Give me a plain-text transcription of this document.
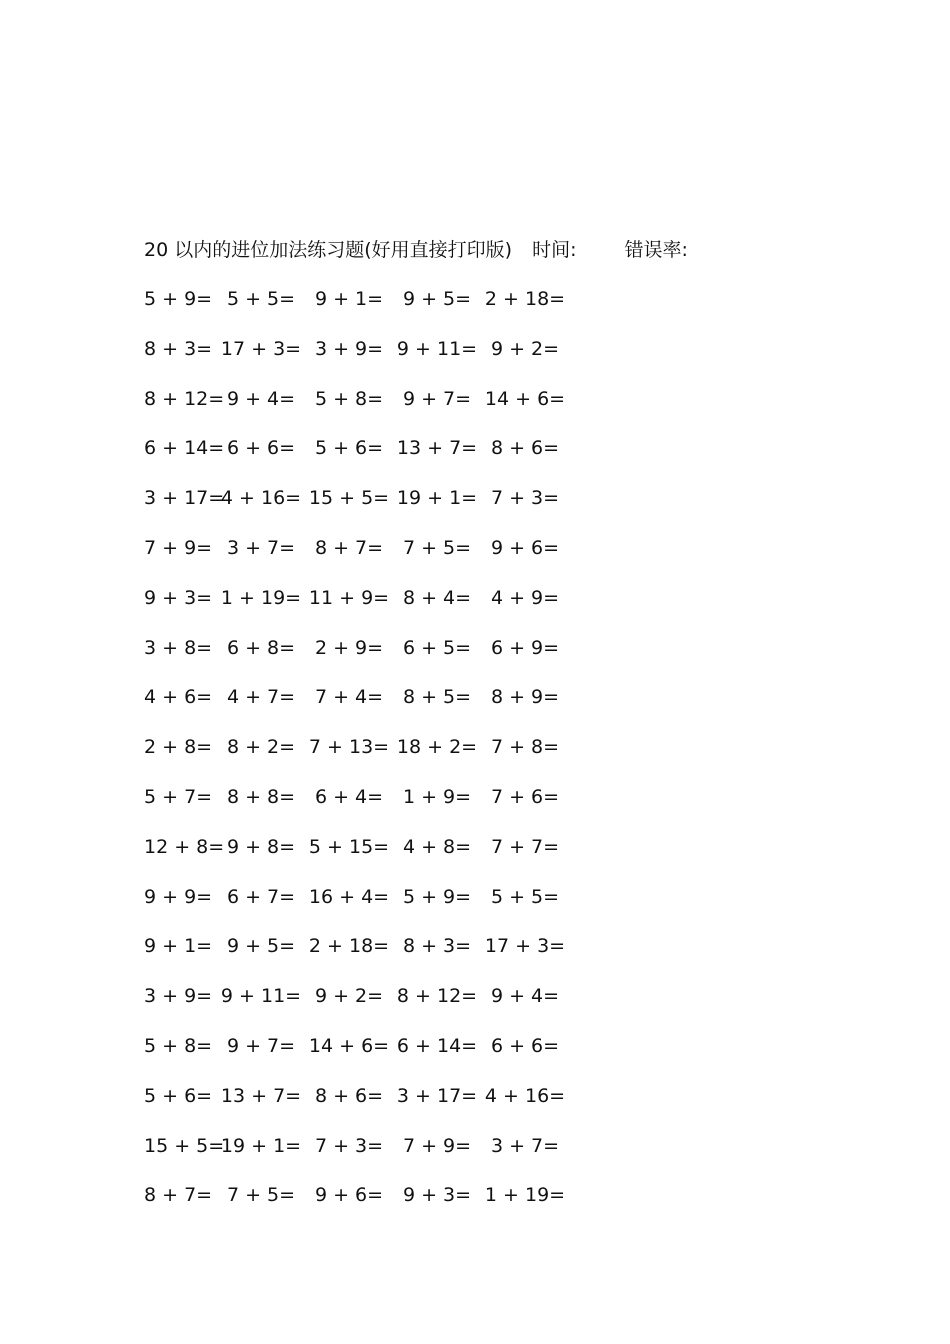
20 以内的进位加法练习题(好用直接打印版) 时间:	错误率:
5 + 9= 5 + 5= 9 + 1= 9 + 5= 2 + 18=
8 + 3= 17 + 3= 3 + 9= 9 + 11= 9 + 2=
8 + 12= 9 + 4= 5 + 8= 9 + 7= 14 + 6=
6 + 14= 6 + 6= 5 + 6= 13 + 7= 8 + 6=
3 + 17=
4 + 16= 15 + 5= 19 + 1= 7 + 3=
7 + 9= 3 + 7= 8 + 7= 7 + 5= 9 + 6=
9 + 3= 1 + 19= 11 + 9= 8 + 4= 4 + 9=
3 + 8= 6 + 8= 2 + 9= 6 + 5= 6 + 9=
4 + 6= 4 + 7= 7 + 4= 8 + 5= 8 + 9=
2 + 8= 8 + 2= 7 + 13= 18 + 2= 7 + 8=
5 + 7= 8 + 8= 6 + 4= 1 + 9= 7 + 6=
12 + 8= 9 + 8= 5 + 15= 4 + 8= 7 + 7=
9 + 9= 6 + 7= 16 + 4= 5 + 9= 5 + 5=
9 + 1= 9 + 5= 2 + 18= 8 + 3= 17 + 3=
3 + 9= 9 + 11= 9 + 2= 8 + 12= 9 + 4=
5 + 8= 9 + 7= 14 + 6= 6 + 14= 6 + 6=
5 + 6= 13 + 7= 8 + 6= 3 + 17= 4 + 16=
15 + 5=
19 + 1= 7 + 3= 7 + 9= 3 + 7=
8 + 7= 7 + 5= 9 + 6= 9 + 3= 1 + 19=
